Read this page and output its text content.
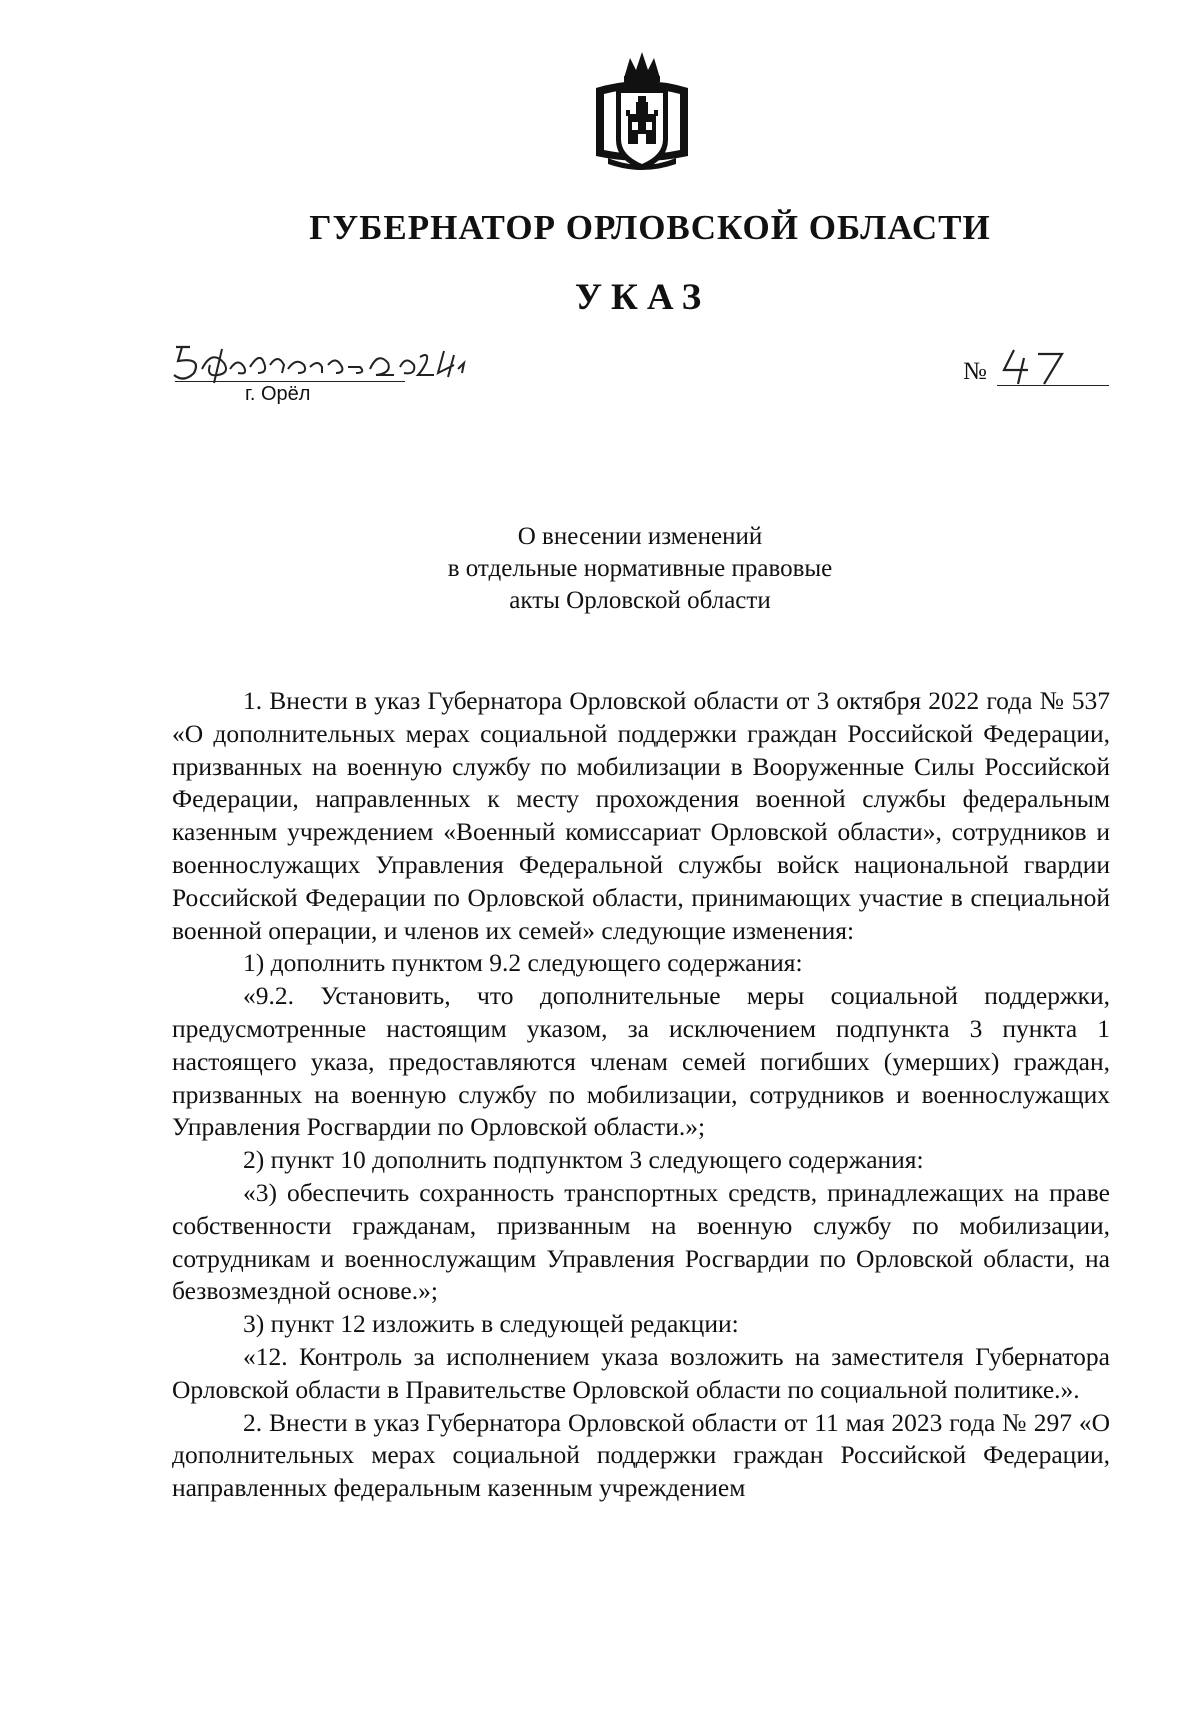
ГУБЕРНАТОР ОРЛОВСКОЙ ОБЛАСТИ
УКАЗ
г. Орёл
№
О внесении изменений
в отдельные нормативные правовые
акты Орловской области

1. Внести в указ Губернатора Орловской области от 3 октября 2022 года № 537 «О дополнительных мерах социальной поддержки граждан Российской Федерации, призванных на военную службу по мобилизации в Вооруженные Силы Российской Федерации, направленных к месту прохождения военной службы федеральным казенным учреждением «Военный комиссариат Орловской области», сотрудников и военнослужащих Управления Федеральной службы войск национальной гвардии Российской Федерации по Орловской области, принимающих участие в специальной военной операции, и членов их семей» следующие изменения:

1) дополнить пунктом 9.2 следующего содержания:

«9.2. Установить, что дополнительные меры социальной поддержки, предусмотренные настоящим указом, за исключением подпункта 3 пункта 1 настоящего указа, предоставляются членам семей погибших (умерших) граждан, призванных на военную службу по мобилизации, сотрудников и военнослужащих Управления Росгвардии по Орловской области.»;

2) пункт 10 дополнить подпунктом 3 следующего содержания:

«3) обеспечить сохранность транспортных средств, принадлежащих на праве собственности гражданам, призванным на военную службу по мобилизации, сотрудникам и военнослужащим Управления Росгвардии по Орловской области, на безвозмездной основе.»;

3) пункт 12 изложить в следующей редакции:

«12. Контроль за исполнением указа возложить на заместителя Губернатора Орловской области в Правительстве Орловской области по социальной политике.».

2. Внести в указ Губернатора Орловской области от 11 мая 2023 года № 297 «О дополнительных мерах социальной поддержки граждан Российской Федерации, направленных федеральным казенным учреждением
